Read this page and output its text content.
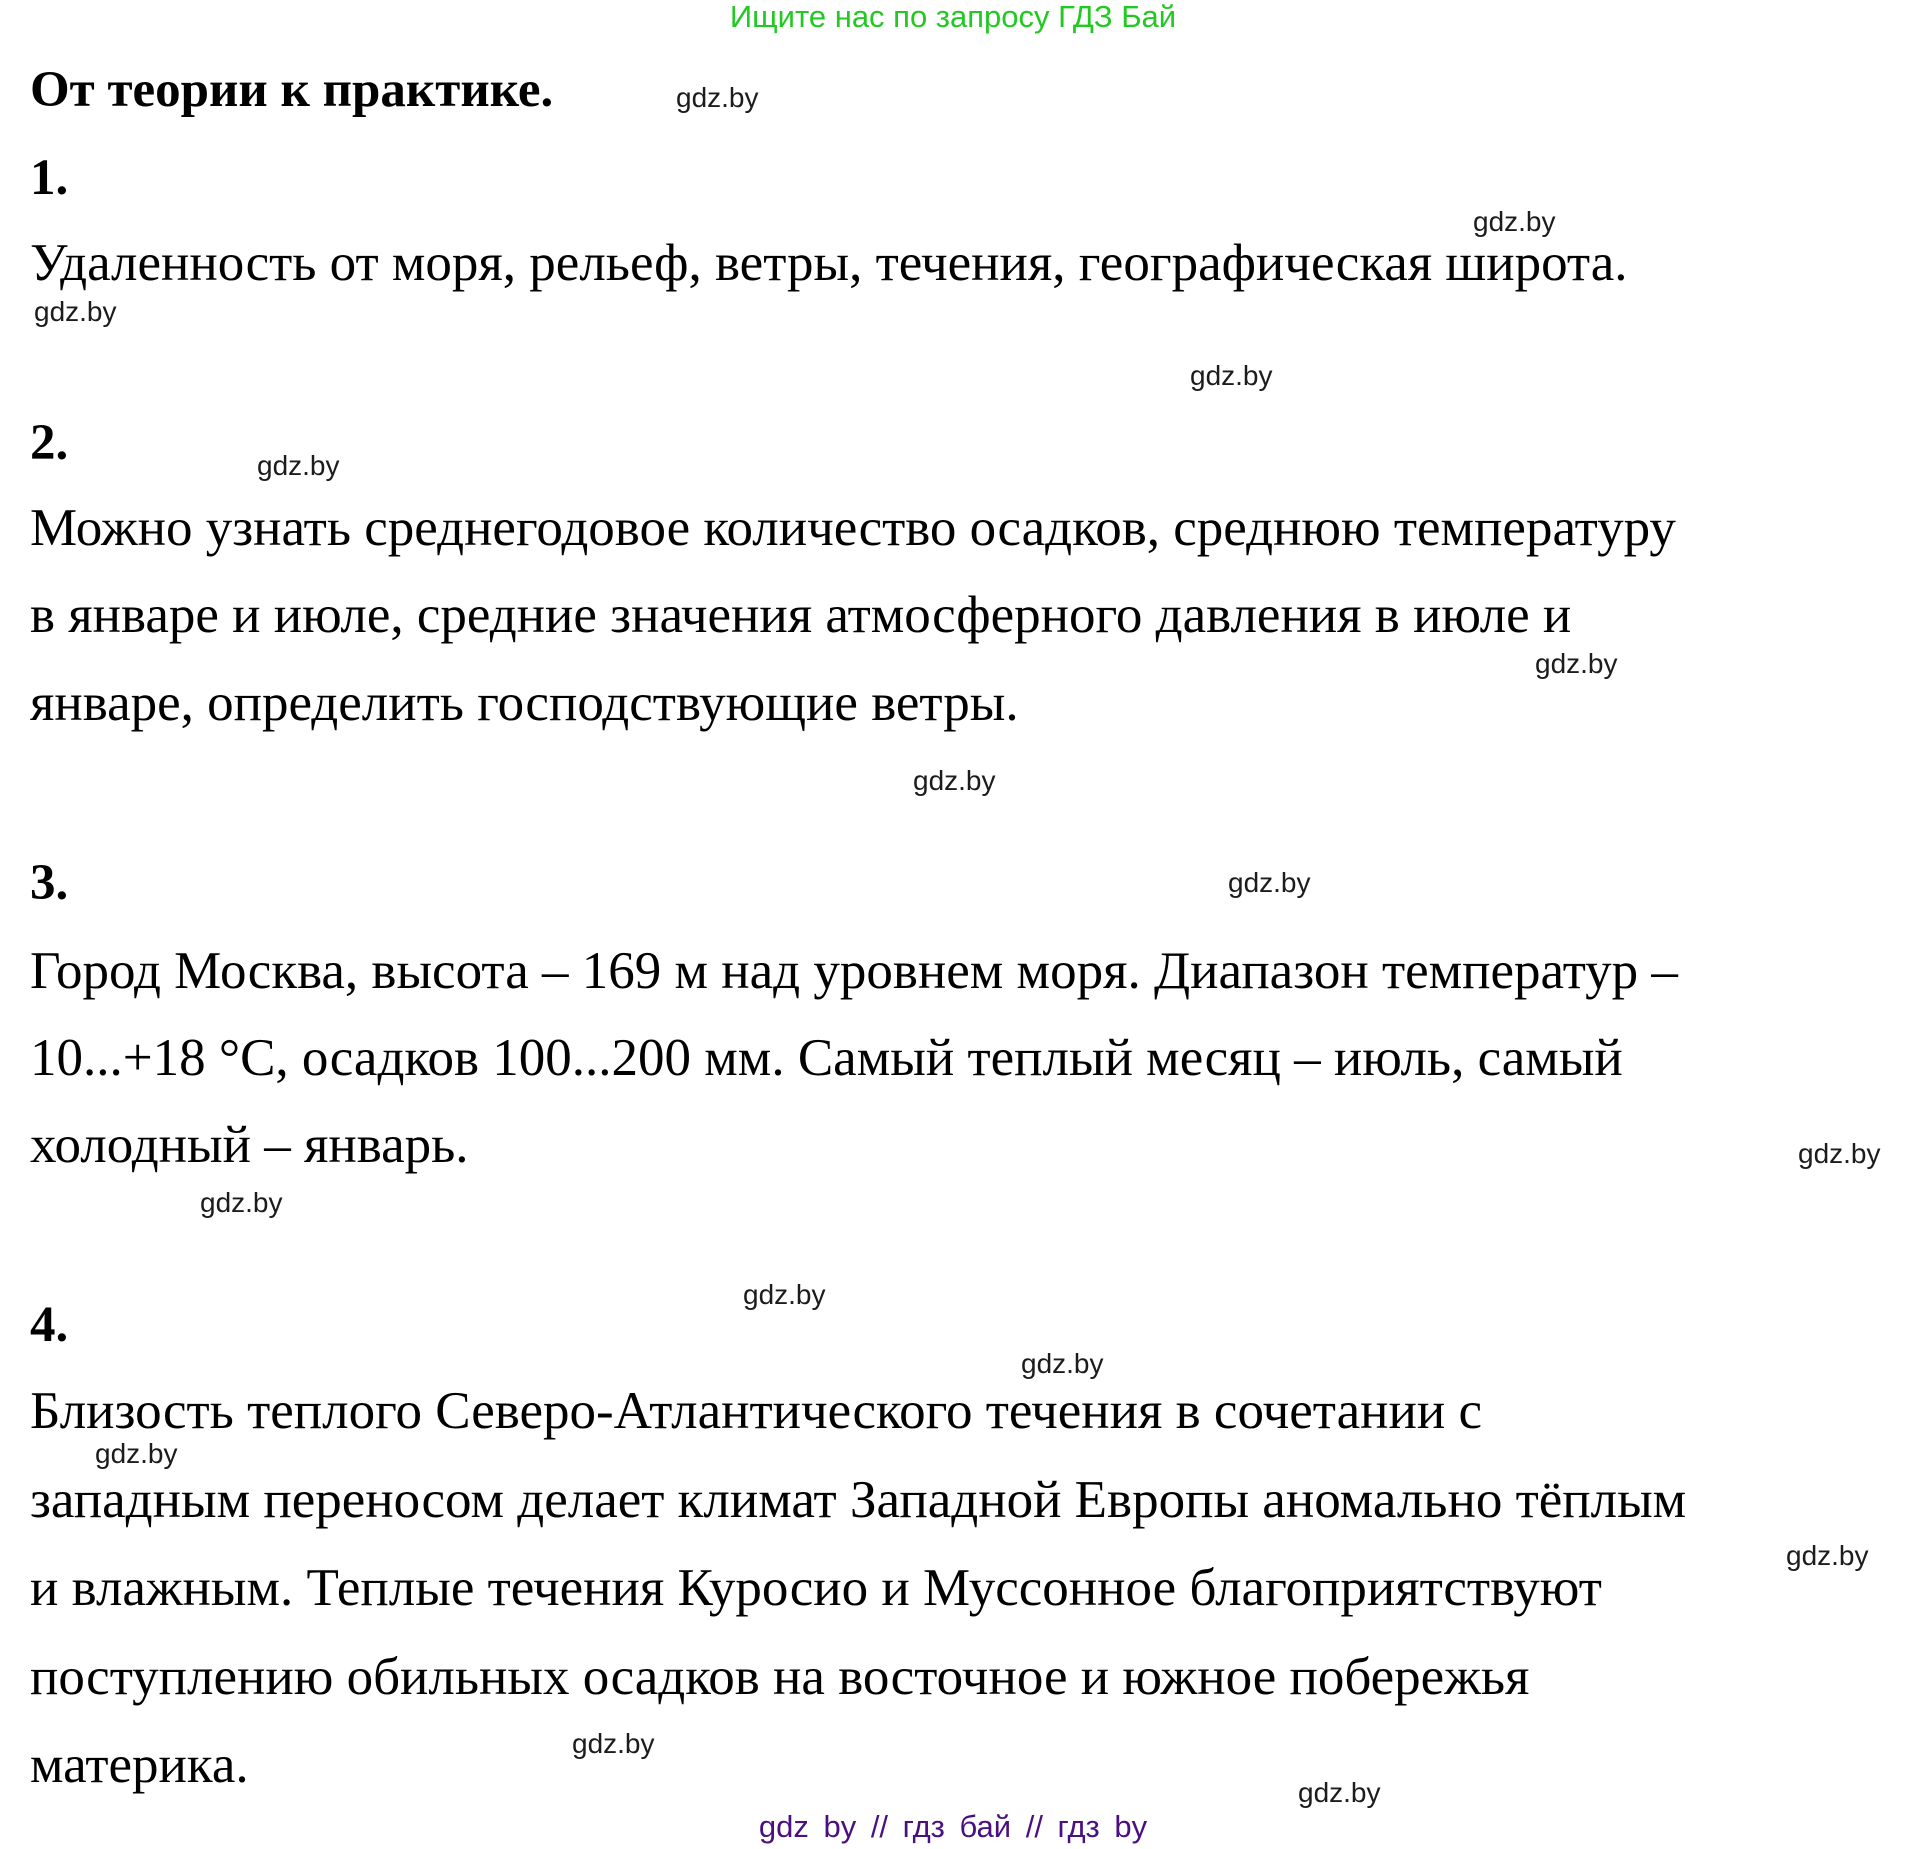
Ищите нас по запросу ГДЗ Бай
От теории к практике.	gdz.by
1.
gdz.by
Удаленность от моря, рельеф, ветры, течения, географическая широта.
gdz.by
gdz.by
2.	gdz.by
Можно узнать среднегодовое количество осадков, среднюю температуру
в январе и июле, средние значения атмосферного давления в июле и
gdz.by
январе, определить господствующие ветры.
gdz.by
3.	gdz.by
Город Москва, высота – 169 м над уровнем моря. Диапазон температур –
10...+18 °С, осадков 100...200 мм. Самый теплый месяц – июль, самый
холодный – январь.	gdz.by
gdz.by
gdz.by
4.
gdz.by
Близость теплого Северо-Атлантического течения в сочетании с
gdz.by
западным переносом делает климат Западной Европы аномально тёплым
и влажным. Теплые течения Куросио и Муссонное благоприятствуют
gdz.by
поступлению обильных осадков на восточное и южное побережья
gdz.by
материка.	gdz.by
gdz by // гдз бай // гдз by
